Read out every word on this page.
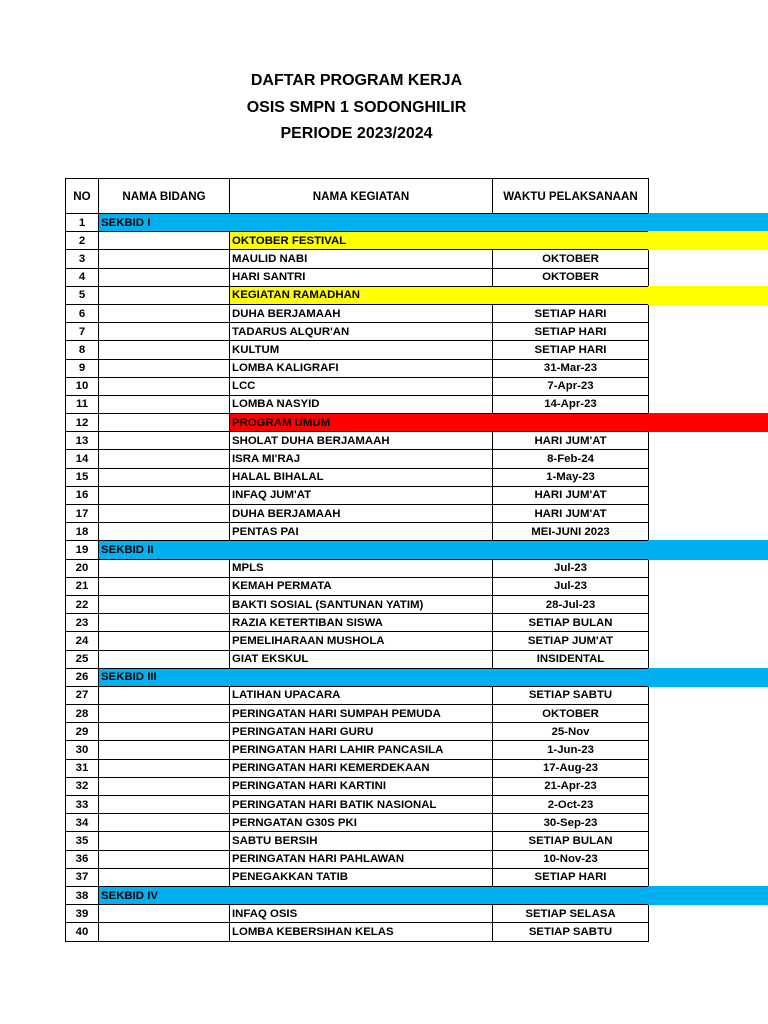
DAFTAR PROGRAM KERJA
OSIS SMPN 1 SODONGHILIR
PERIODE 2023/2024
NO	NAMA BIDANG	NAMA KEGIATAN	WAKTU PELAKSANAAN
1	SEKBID I		

2		OKTOBER FESTIVAL	

3		MAULID NABI	OKTOBER
4		HARI SANTRI	OKTOBER
5		KEGIATAN RAMADHAN	

6		DUHA BERJAMAAH	SETIAP HARI
7		TADARUS ALQUR'AN	SETIAP HARI
8		KULTUM	SETIAP HARI
9		LOMBA KALIGRAFI	31-Mar-23
10		LCC	7-Apr-23
11		LOMBA NASYID	14-Apr-23
12		PROGRAM UMUM	

13		SHOLAT DUHA BERJAMAAH	HARI JUM'AT
14		ISRA MI'RAJ	8-Feb-24
15		HALAL BIHALAL	1-May-23
16		INFAQ JUM'AT	HARI JUM'AT
17		DUHA BERJAMAAH	HARI JUM'AT
18		PENTAS PAI	MEI-JUNI 2023
19	SEKBID II		

20		MPLS	Jul-23
21		KEMAH PERMATA	Jul-23
22		BAKTI SOSIAL (SANTUNAN YATIM)	28-Jul-23
23		RAZIA KETERTIBAN SISWA	SETIAP BULAN
24		PEMELIHARAAN MUSHOLA	SETIAP JUM'AT
25		GIAT EKSKUL	INSIDENTAL
26	SEKBID III		

27		LATIHAN UPACARA	SETIAP SABTU
28		PERINGATAN HARI SUMPAH PEMUDA	OKTOBER
29		PERINGATAN HARI GURU	25-Nov
30		PERINGATAN HARI LAHIR PANCASILA	1-Jun-23
31		PERINGATAN HARI KEMERDEKAAN	17-Aug-23
32		PERINGATAN HARI KARTINI	21-Apr-23
33		PERINGATAN HARI BATIK NASIONAL	2-Oct-23
34		PERNGATAN G30S PKI	30-Sep-23
35		SABTU BERSIH	SETIAP BULAN
36		PERINGATAN HARI PAHLAWAN	10-Nov-23
37		PENEGAKKAN TATIB	SETIAP HARI
38	SEKBID IV		

39		INFAQ OSIS	SETIAP SELASA
40		LOMBA KEBERSIHAN KELAS	SETIAP SABTU
